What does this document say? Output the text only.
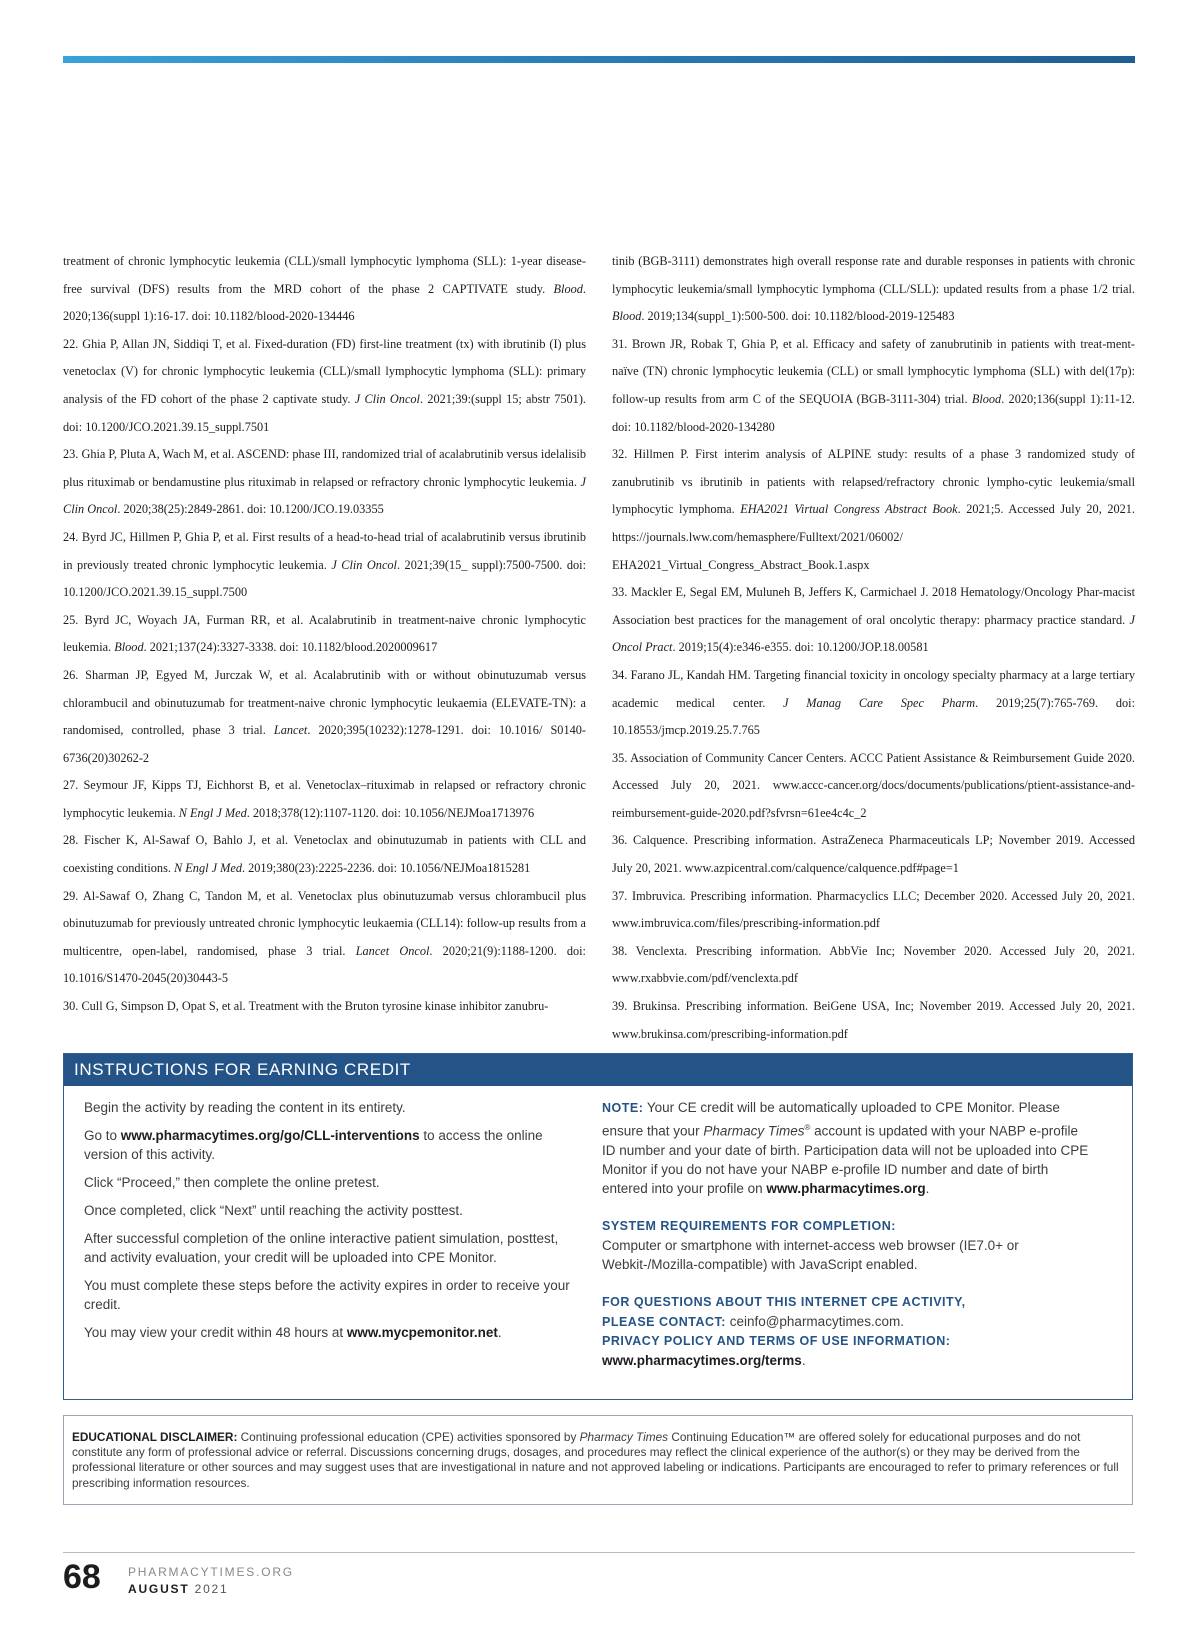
treatment of chronic lymphocytic leukemia (CLL)/small lymphocytic lymphoma (SLL): 1-year disease-free survival (DFS) results from the MRD cohort of the phase 2 CAPTIVATE study. Blood. 2020;136(suppl 1):16-17. doi: 10.1182/blood-2020-134446

22. Ghia P, Allan JN, Siddiqi T, et al. Fixed-duration (FD) first-line treatment (tx) with ibrutinib (I) plus venetoclax (V) for chronic lymphocytic leukemia (CLL)/small lymphocytic lymphoma (SLL): primary analysis of the FD cohort of the phase 2 captivate study. J Clin Oncol. 2021;39:(suppl 15; abstr 7501). doi: 10.1200/JCO.2021.39.15_suppl.7501

23. Ghia P, Pluta A, Wach M, et al. ASCEND: phase III, randomized trial of acalabrutinib versus idelalisib plus rituximab or bendamustine plus rituximab in relapsed or refractory chronic lymphocytic leukemia. J Clin Oncol. 2020;38(25):2849-2861. doi: 10.1200/JCO.19.03355

24. Byrd JC, Hillmen P, Ghia P, et al. First results of a head-to-head trial of acalabrutinib versus ibrutinib in previously treated chronic lymphocytic leukemia. J Clin Oncol. 2021;39(15_ suppl):7500-7500. doi: 10.1200/JCO.2021.39.15_suppl.7500

25. Byrd JC, Woyach JA, Furman RR, et al. Acalabrutinib in treatment-naive chronic lymphocytic leukemia. Blood. 2021;137(24):3327-3338. doi: 10.1182/blood.2020009617

26. Sharman JP, Egyed M, Jurczak W, et al. Acalabrutinib with or without obinutuzumab versus chlorambucil and obinutuzumab for treatment-naive chronic lymphocytic leukaemia (ELEVATE-TN): a randomised, controlled, phase 3 trial. Lancet. 2020;395(10232):1278-1291. doi: 10.1016/ S0140-6736(20)30262-2

27. Seymour JF, Kipps TJ, Eichhorst B, et al. Venetoclax–rituximab in relapsed or refractory chronic lymphocytic leukemia. N Engl J Med. 2018;378(12):1107-1120. doi: 10.1056/NEJMoa1713976

28. Fischer K, Al-Sawaf O, Bahlo J, et al. Venetoclax and obinutuzumab in patients with CLL and coexisting conditions. N Engl J Med. 2019;380(23):2225-2236. doi: 10.1056/NEJMoa1815281

29. Al-Sawaf O, Zhang C, Tandon M, et al. Venetoclax plus obinutuzumab versus chlorambucil plus obinutuzumab for previously untreated chronic lymphocytic leukaemia (CLL14): follow-up results from a multicentre, open-label, randomised, phase 3 trial. Lancet Oncol. 2020;21(9):1188-1200. doi: 10.1016/S1470-2045(20)30443-5

30. Cull G, Simpson D, Opat S, et al. Treatment with the Bruton tyrosine kinase inhibitor zanubru-

tinib (BGB-3111) demonstrates high overall response rate and durable responses in patients with chronic lymphocytic leukemia/small lymphocytic lymphoma (CLL/SLL): updated results from a phase 1/2 trial. Blood. 2019;134(suppl_1):500-500. doi: 10.1182/blood-2019-125483

31. Brown JR, Robak T, Ghia P, et al. Efficacy and safety of zanubrutinib in patients with treat-ment-naïve (TN) chronic lymphocytic leukemia (CLL) or small lymphocytic lymphoma (SLL) with del(17p): follow-up results from arm C of the SEQUOIA (BGB-3111-304) trial. Blood. 2020;136(suppl 1):11-12. doi: 10.1182/blood-2020-134280

32. Hillmen P. First interim analysis of ALPINE study: results of a phase 3 randomized study of zanubrutinib vs ibrutinib in patients with relapsed/refractory chronic lympho-cytic leukemia/small lymphocytic lymphoma. EHA2021 Virtual Congress Abstract Book. 2021;5. Accessed July 20, 2021. https://journals.lww.com/hemasphere/Fulltext/2021/06002/ EHA2021_Virtual_Congress_Abstract_Book.1.aspx

33. Mackler E, Segal EM, Muluneh B, Jeffers K, Carmichael J. 2018 Hematology/Oncology Phar-macist Association best practices for the management of oral oncolytic therapy: pharmacy practice standard. J Oncol Pract. 2019;15(4):e346-e355. doi: 10.1200/JOP.18.00581

34. Farano JL, Kandah HM. Targeting financial toxicity in oncology specialty pharmacy at a large tertiary academic medical center. J Manag Care Spec Pharm. 2019;25(7):765-769. doi: 10.18553/jmcp.2019.25.7.765

35. Association of Community Cancer Centers. ACCC Patient Assistance & Reimbursement Guide 2020. Accessed July 20, 2021. www.accc-cancer.org/docs/documents/publications/ptient-assistance-and-reimbursement-guide-2020.pdf?sfvrsn=61ee4c4c_2

36. Calquence. Prescribing information. AstraZeneca Pharmaceuticals LP; November 2019. Accessed July 20, 2021. www.azpicentral.com/calquence/calquence.pdf#page=1

37. Imbruvica. Prescribing information. Pharmacyclics LLC; December 2020. Accessed July 20, 2021. www.imbruvica.com/files/prescribing-information.pdf

38. Venclexta. Prescribing information. AbbVie Inc; November 2020. Accessed July 20, 2021. www.rxabbvie.com/pdf/venclexta.pdf

39. Brukinsa. Prescribing information. BeiGene USA, Inc; November 2019. Accessed July 20, 2021. www.brukinsa.com/prescribing-information.pdf

INSTRUCTIONS FOR EARNING CREDIT

Begin the activity by reading the content in its entirety.

Go to www.pharmacytimes.org/go/CLL-interventions to access the online version of this activity.

Click “Proceed,” then complete the online pretest.

Once completed, click “Next” until reaching the activity posttest.

After successful completion of the online interactive patient simulation, posttest, and activity evaluation, your credit will be uploaded into CPE Monitor.

You must complete these steps before the activity expires in order to receive your credit.

You may view your credit within 48 hours at www.mycpemonitor.net.

NOTE: Your CE credit will be automatically uploaded to CPE Monitor. Please ensure that your Pharmacy Times® account is updated with your NABP e-profile ID number and your date of birth. Participation data will not be uploaded into CPE Monitor if you do not have your NABP e-profile ID number and date of birth entered into your profile on www.pharmacytimes.org.

SYSTEM REQUIREMENTS FOR COMPLETION:

Computer or smartphone with internet-access web browser (IE7.0+ or Webkit-/Mozilla-compatible) with JavaScript enabled.

FOR QUESTIONS ABOUT THIS INTERNET CPE ACTIVITY,

PLEASE CONTACT: ceinfo@pharmacytimes.com.

PRIVACY POLICY AND TERMS OF USE INFORMATION:

www.pharmacytimes.org/terms.

EDUCATIONAL DISCLAIMER: Continuing professional education (CPE) activities sponsored by Pharmacy Times Continuing Education™ are offered solely for educational purposes and do not constitute any form of professional advice or referral. Discussions concerning drugs, dosages, and procedures may reflect the clinical experience of the author(s) or they may be derived from the professional literature or other sources and may suggest uses that are investigational in nature and not approved labeling or indications. Participants are encouraged to refer to primary references or full prescribing information resources.
68 PHARMACYTIMES.ORG
AUGUST 2021
